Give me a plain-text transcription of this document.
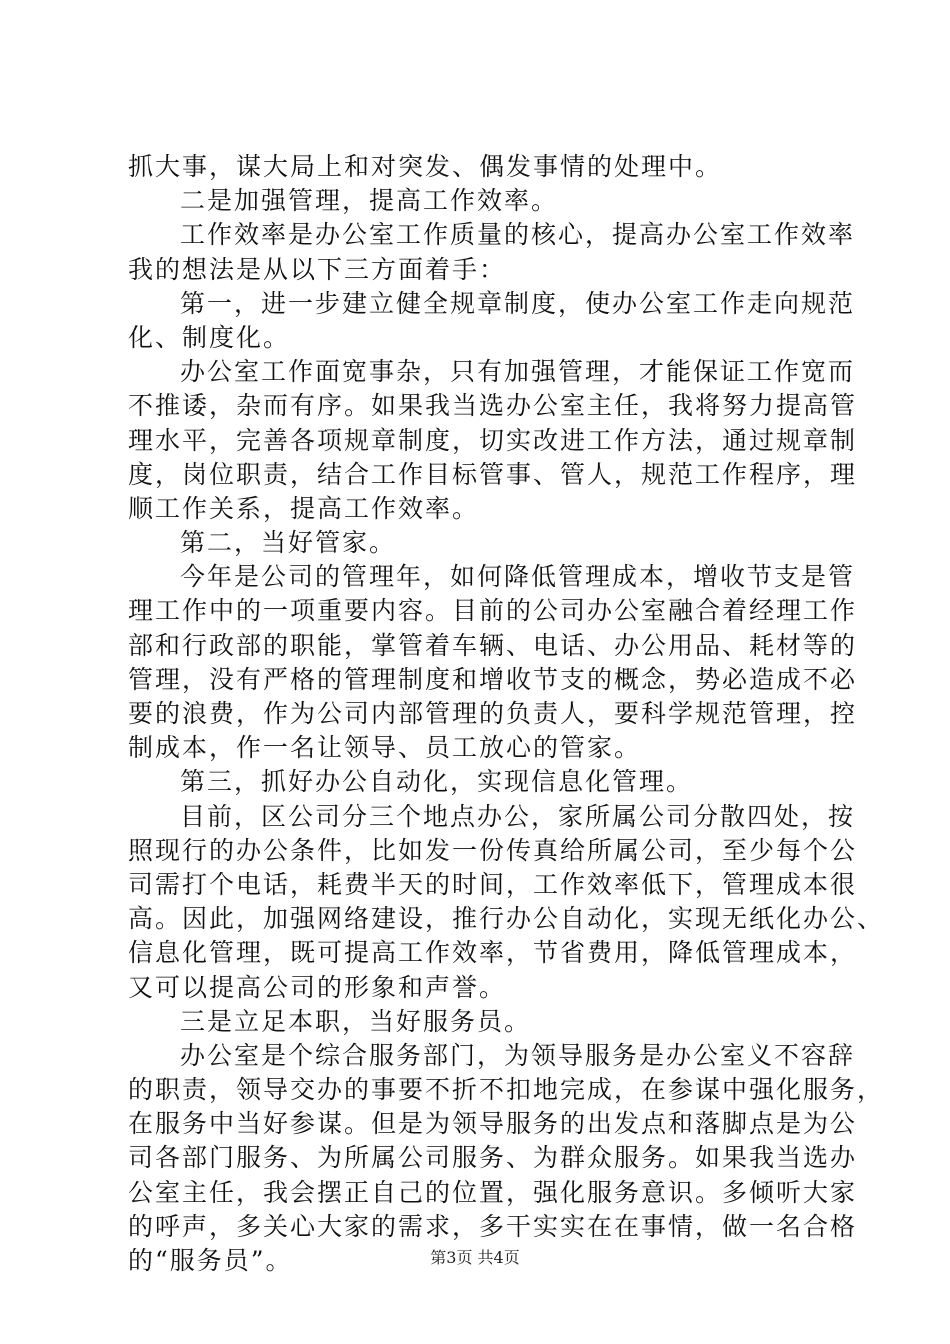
抓大事，谋大局上和对突发、偶发事情的处理中。
二是加强管理，提高工作效率。
工作效率是办公室工作质量的核心，提高办公室工作效率
我的想法是从以下三方面着手：
第一，进一步建立健全规章制度，使办公室工作走向规范
化、制度化。
办公室工作面宽事杂，只有加强管理，才能保证工作宽而
不推诿，杂而有序。如果我当选办公室主任，我将努力提高管
理水平，完善各项规章制度，切实改进工作方法，通过规章制
度，岗位职责，结合工作目标管事、管人，规范工作程序，理
顺工作关系，提高工作效率。
第二，当好管家。
今年是公司的管理年，如何降低管理成本，增收节支是管
理工作中的一项重要内容。目前的公司办公室融合着经理工作
部和行政部的职能，掌管着车辆、电话、办公用品、耗材等的
管理，没有严格的管理制度和增收节支的概念，势必造成不必
要的浪费，作为公司内部管理的负责人，要科学规范管理，控
制成本，作一名让领导、员工放心的管家。
第三，抓好办公自动化，实现信息化管理。
目前，区公司分三个地点办公，家所属公司分散四处，按
照现行的办公条件，比如发一份传真给所属公司，至少每个公
司需打个电话，耗费半天的时间，工作效率低下，管理成本很
高。因此，加强网络建设，推行办公自动化，实现无纸化办公、
信息化管理，既可提高工作效率，节省费用，降低管理成本，
又可以提高公司的形象和声誉。
三是立足本职，当好服务员。
办公室是个综合服务部门，为领导服务是办公室义不容辞
的职责，领导交办的事要不折不扣地完成，在参谋中强化服务，
在服务中当好参谋。但是为领导服务的出发点和落脚点是为公
司各部门服务、为所属公司服务、为群众服务。如果我当选办
公室主任，我会摆正自己的位置，强化服务意识。多倾听大家
的呼声，多关心大家的需求，多干实实在在事情，做一名合格
的“服务员”。	第3页 共4页
